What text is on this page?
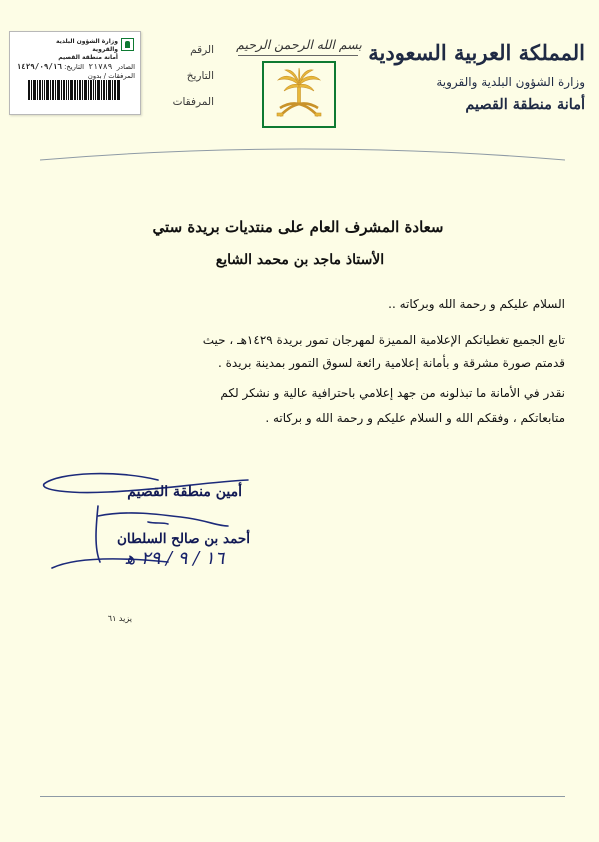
المملكة العربية السعودية
وزارة الشؤون البلدية والقروية
أمانة منطقة القصيم
بسم الله الرحمن الرحيم
الرقم
التاريخ
المرفقات
وزارة الشؤون البلدية والقروية
أمانة منطقة القصيم
الصادر  ٢١٧٨٩  التاريخ: ١٤٢٩/٠٩/١٦
المرفقات / بدون
سعادة المشرف العام على منتديات بريدة ستي
الأستاذ ماجد بن محمد الشايع
السلام عليكم و رحمة الله وبركاته ..
تابع الجميع تغطياتكم الإعلامية المميزة لمهرجان تمور بريدة ١٤٢٩هـ ، حيث
قدمتم صورة مشرقة و بأمانة إعلامية رائعة لسوق التمور بمدينة بريدة .
نقدر في الأمانة ما تبذلونه من جهد إعلامي باحترافية عالية و نشكر لكم
متابعاتكم ، وفقكم الله و السلام عليكم و رحمة الله و بركاته .
أمين منطقة القصيم
أحمد بن صالح السلطان
١٦ / ٩ / ٢٩ ﻫ
يزيد ٦١
